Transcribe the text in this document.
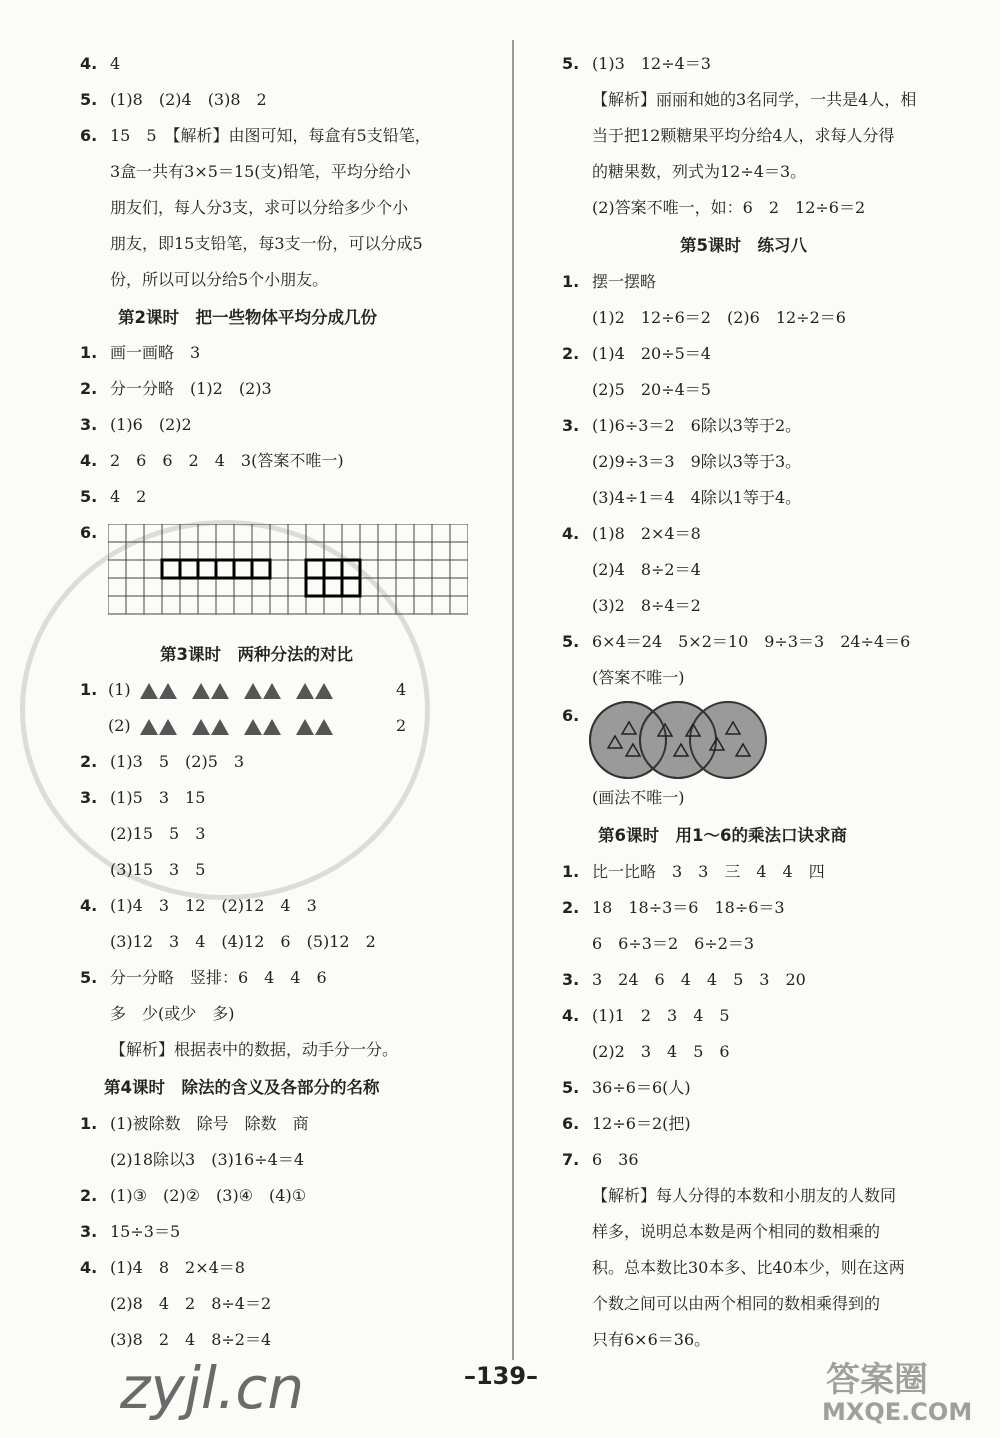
4. 4
5. (1)8　(2)4　(3)8　2
6. 15　5　【解析】由图可知，每盒有5支铅笔，
3盒一共有3×5＝15(支)铅笔，平均分给小
朋友们，每人分3支，求可以分给多少个小
朋友，即15支铅笔，每3支一份，可以分成5
份，所以可以分给5个小朋友。
第2课时　把一些物体平均分成几份
1. 画一画略　3
2. 分一分略　(1)2　(2)3
3. (1)6　(2)2
4. 2　6　6　2　4　3(答案不唯一)
5. 4　2
6.
第3课时　两种分法的对比
2. (1)3　5　(2)5　3
3. (1)5　3　15
(2)15　5　3
(3)15　3　5
4. (1)4　3　12　(2)12　4　3
(3)12　3　4　(4)12　6　(5)12　2
5. 分一分略　竖排：6　4　4　6
多　少(或少　多)
【解析】根据表中的数据，动手分一分。
第4课时　除法的含义及各部分的名称
1. (1)被除数　除号　除数　商
(2)18除以3　(3)16÷4＝4
2. (1)③　(2)②　(3)④　(4)①
3. 15÷3＝5
4. (1)4　8　2×4＝8
(2)8　4　2　8÷4＝2
(3)8　2　4　8÷2＝4
1. (1)	4
(2)	2
5. (1)3　12÷4＝3
【解析】丽丽和她的3名同学，一共是4人，相
当于把12颗糖果平均分给4人，求每人分得
的糖果数，列式为12÷4＝3。
(2)答案不唯一，如：6　2　12÷6＝2
第5课时　练习八
1. 摆一摆略
(1)2　12÷6＝2　(2)6　12÷2＝6
2. (1)4　20÷5＝4
(2)5　20÷4＝5
3. (1)6÷3＝2　6除以3等于2。
(2)9÷3＝3　9除以3等于3。
(3)4÷1＝4　4除以1等于4。
4. (1)8　2×4＝8
(2)4　8÷2＝4
(3)2　8÷4＝2
5. 6×4＝24　5×2＝10　9÷3＝3　24÷4＝6
(答案不唯一)
6.
(画法不唯一)
第6课时　用1～6的乘法口诀求商
1. 比一比略　3　3　三　4　4　四
2. 18　18÷3＝6　18÷6＝3
6　6÷3＝2　6÷2＝3
3. 3　24　6　4　4　5　3　20
4. (1)1　2　3　4　5
(2)2　3　4　5　6
5. 36÷6＝6(人)
6. 12÷6＝2(把)
7. 6　36
【解析】每人分得的本数和小朋友的人数同
样多，说明总本数是两个相同的数相乘的
积。总本数比30本多、比40本少，则在这两
个数之间可以由两个相同的数相乘得到的
只有6×6＝36。
–139–
zyjl.cn	答案圈
MXQE.COM
